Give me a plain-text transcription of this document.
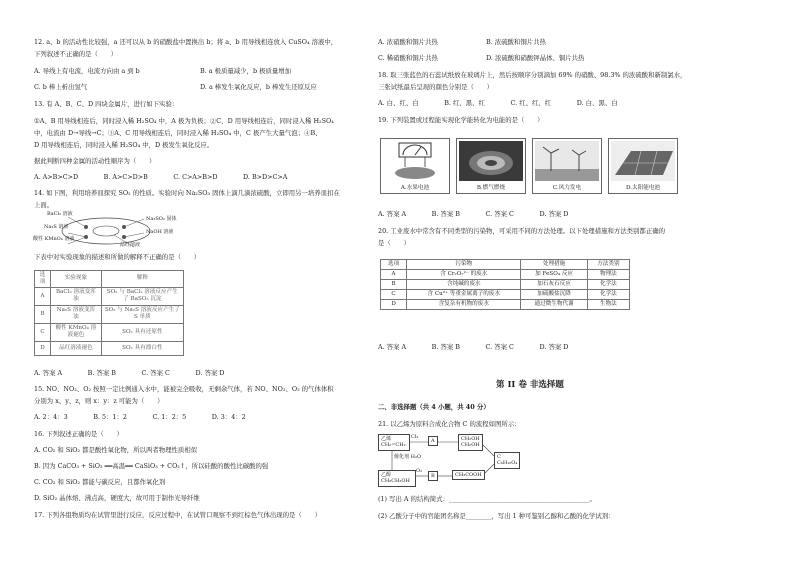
12. a、b 的活动性比较强，a 还可以从 b 的硝酸盐中置换出 b；将 a、b 用导线相连放入 CuSO₄ 溶液中，
下列叙述不正确的是（　　）
A. 导线上有电流，电流方向由 a 到 b	B. a 极质量减少，b 极质量增加
C. b 棒上析出氢气	D. a 棒发生氧化反应，b 棒发生还原反应
13. 有 A、B、C、D 四块金属片，进行如下实验：
①A、B 用导线相连后，同时浸入稀 H₂SO₄ 中，A 极为负极；②C、D 用导线相连后，同时浸入稀 H₂SO₄
中，电流由 D→导线→C；③A、C 用导线相连后，同时浸入稀 H₂SO₄ 中，C 极产生大量气泡；④B、
D 用导线相连后，同时浸入稀 H₂SO₄ 中，D 极发生氧化反应。
据此判断四种金属的活动性顺序为（　　）
A. A>B>C>D　　　　B. A>C>D>B　　　　C. C>A>B>D　　　　D. B>D>C>A
14. 如下图，利用培养皿探究 SO₂ 的性质。实验时向 Na₂SO₃ 固体上滴几滴浓硫酸，立即用另一培养皿扣在
上面。
BaCl₂ 溶液
Na₂S 溶液
酸性 KMnO₄ 溶液
Na₂SO₃ 固体
NaOH 溶液
品红溶液
下表中对实验现象的描述和所做的解释不正确的是（　　）
选项	实验现象	解释
A	BaCl₂ 溶液变浑浊	SO₂ 与 BaCl₂ 溶液反应产生了 BaSO₃ 沉淀
B	Na₂S 溶液变浑浊	SO₂ 与 Na₂S 溶液反应产生了 S 单质
C	酸性 KMnO₄ 溶液褪色	SO₂ 具有还原性
D	品红溶液褪色	SO₂ 具有漂白性
A. 答案 A　　　　B. 答案 B　　　　C. 答案 C　　　　D. 答案 D
15. NO、NO₂、O₂ 按照一定比例通入水中，能被完全吸收，无剩余气体，若 NO、NO₂、O₂ 的气体体积
分别为 x、y、z，则 x：y：z 可能为（　　）
A. 2：4：3　　　　B. 5：1：2　　　　C. 1：2：5　　　　D. 3：4：2
16. 下列叙述正确的是（　　）
A. CO₂ 和 SiO₂ 都是酸性氧化物，所以两者物理性质相似
B. 因为 CaCO₃ + SiO₂ ══高温══ CaSiO₃ + CO₂↑，所以硅酸的酸性比碳酸的强
C. CO₂ 和 SiO₂ 都能与碳反应，且都作氧化剂
D. SiO₂ 晶体熔、沸点高，硬度大，故可用于制作光导纤维
17. 下列各组物质均在试管里进行反应，反应过程中，在试管口观察不到红棕色气体出现的是（　　）
A. 浓硝酸和铜片共热	B. 浓硫酸和铜片共热
C. 稀硝酸和铜片共热	D. 浓硫酸和硝酸钾晶体、铜片共热
18. 取三张蓝色的石蕊试纸放在玻璃片上，然后按顺序分别滴加 69% 的硝酸、98.3% 的浓硫酸和新制氯水，
三张试纸最后呈现的颜色分别是（　　）
A. 白、红、白　　　　B. 红、黑、红　　　　C. 红、红、红　　　　D. 白、黑、白
19. 下列装置或过程能实现化学能转化为电能的是（　　）
A.水果电池	B.燃气燃烧	C.风力发电	D.太阳能电池
A. 答案 A　　　　B. 答案 B　　　　C. 答案 C　　　　D. 答案 D
20. 工业废水中常含有不同类型的污染物，可采用不同的方法处理。以下处理措施和方法类别都正确的
是（　　）
选项	污染物	处理措施	方法类别
A	含 Cr₂O₇²⁻ 的废水	加 FeSO₄ 反应	物理法
B	含纯碱的废水	加石灰石反应	化学法
C	含 Cu²⁺ 等重金属离子的废水	加硫酸盐沉降	化学法
D	含复杂有机物的废水	通过微生物代谢	生物法
A. 答案 A　　　　B. 答案 B　　　　C. 答案 C　　　　D. 答案 D
第 II 卷 非选择题
二、非选择题（共 4 小题，共 40 分）
21. 以乙烯为原料合成化合物 C 的流程如图所示：
乙烯 CH₂=CH₂
Cl₂
A	CH₂OH
CH₂OH
催化剂 H₂O
乙醇 CH₃CH₂OH
O₂
B	CH₃COOH
C
C₆H₁₀O₄
(1) 写出 A 的结构简式：____________________________________________。
(2) 乙酸分子中的官能团名称是________，写出 1 种可鉴别乙醇和乙酸的化学试剂：
